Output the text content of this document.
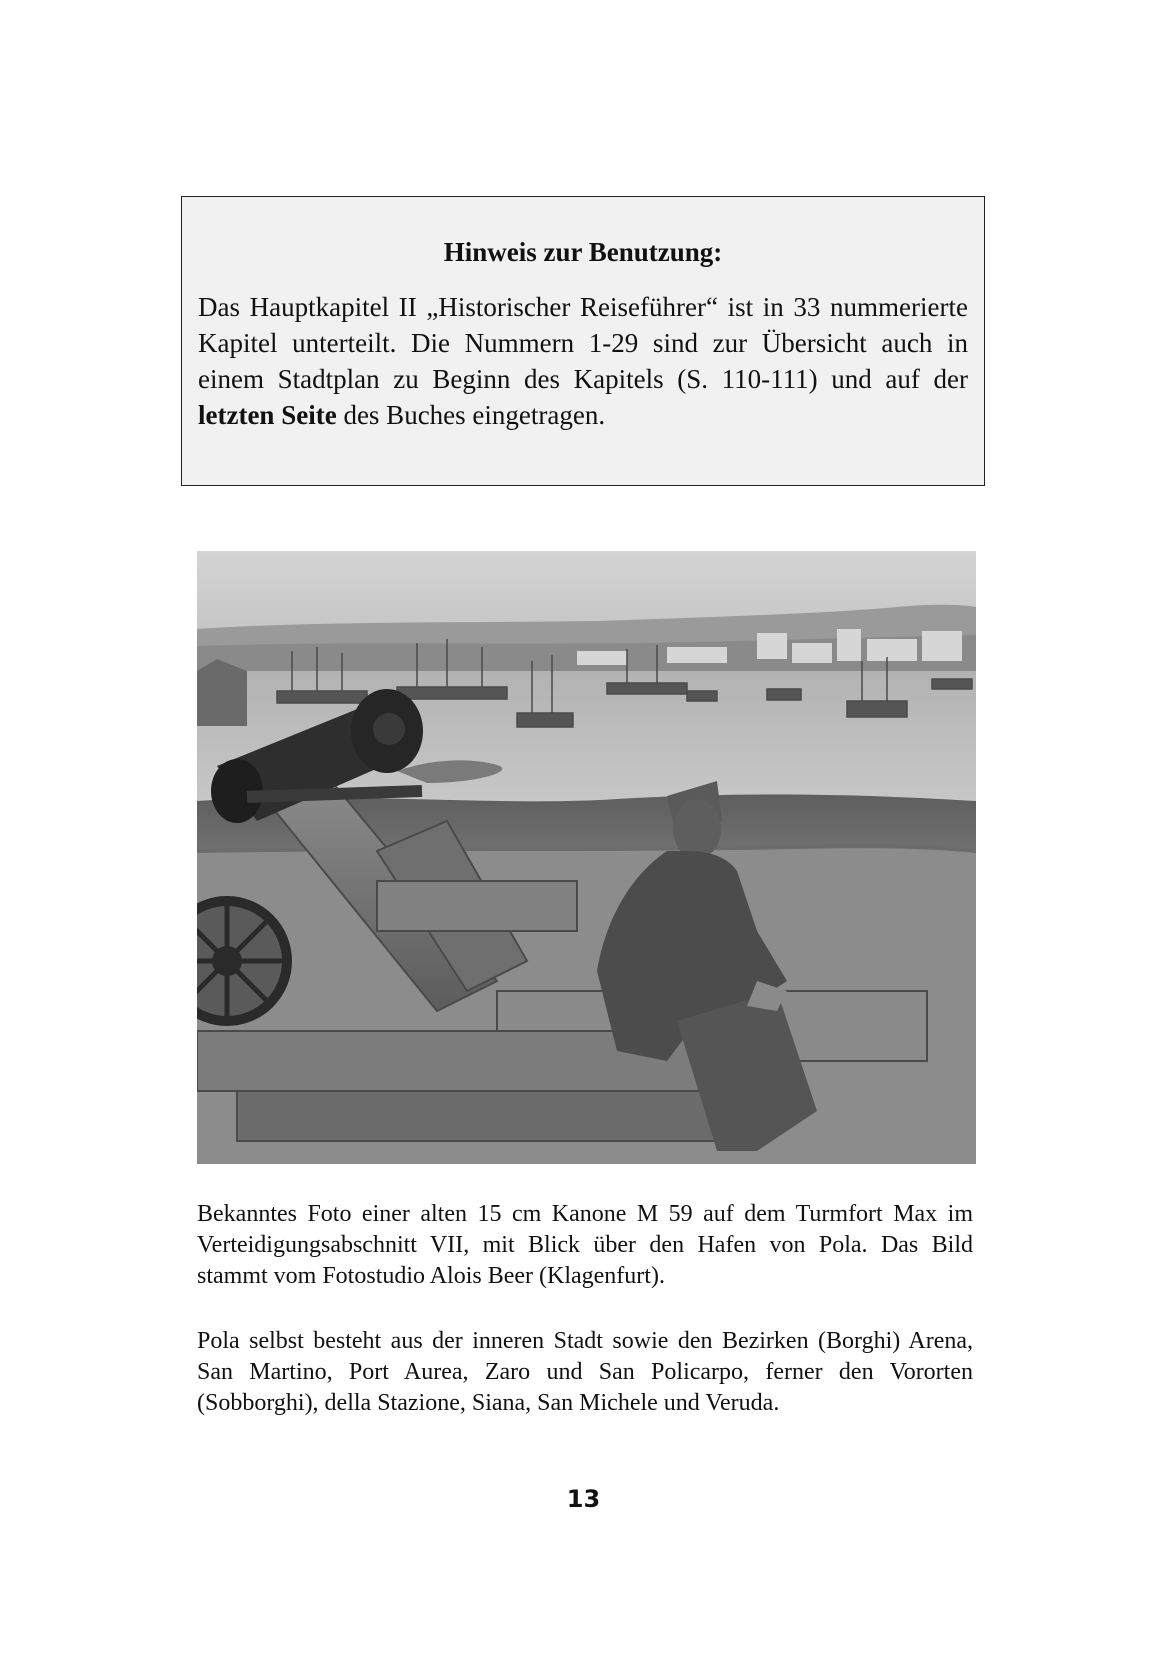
Hinweis zur Benutzung:

Das Hauptkapitel II „Historischer Reiseführer“ ist in 33 nummerierte Kapitel unterteilt. Die Nummern 1-29 sind zur Übersicht auch in einem Stadtplan zu Beginn des Kapitels (S. 110-111) und auf der letzten Seite des Buches eingetragen.

Bekanntes Foto einer alten 15 cm Kanone M 59 auf dem Turmfort Max im Verteidigungsabschnitt VII, mit Blick über den Hafen von Pola. Das Bild stammt vom Fotostudio Alois Beer (Klagenfurt).

Pola selbst besteht aus der inneren Stadt sowie den Bezirken (Borghi) Arena, San Martino, Port Aurea, Zaro und San Policarpo, ferner den Vororten (Sobborghi), della Stazione, Siana, San Michele und Veruda.

13
